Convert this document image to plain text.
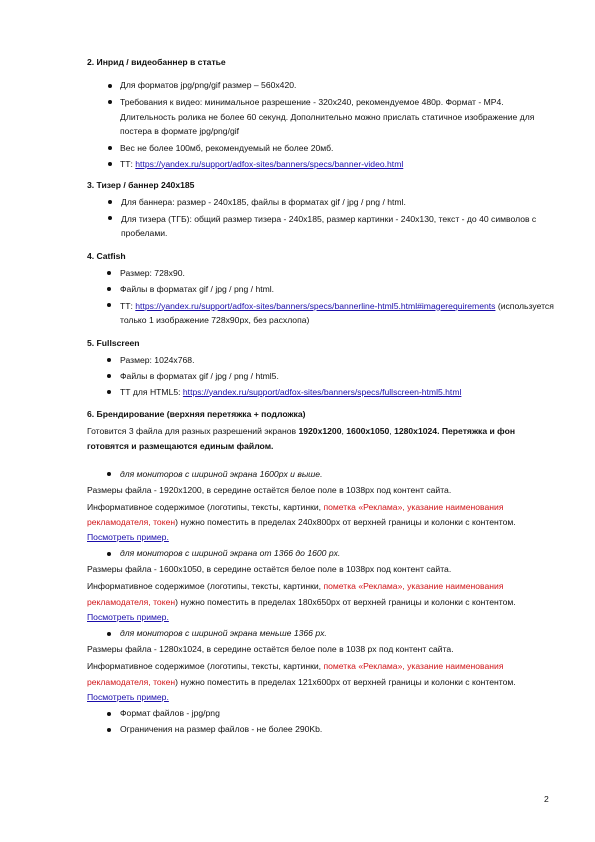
2. Инрид / видеобаннер в статье

Для форматов jpg/png/gif размер – 560x420.
Требования к видео: минимальное разрешение - 320x240, рекомендуемое 480p. Формат - MP4. Длительность ролика не более 60 секунд. Дополнительно можно прислать статичное изображение для постера в формате jpg/png/gif
Вес не более 100мб, рекомендуемый не более 20мб.
ТТ: https://yandex.ru/support/adfox-sites/banners/specs/banner-video.html

3. Тизер / баннер 240x185

Для баннера: размер - 240x185, файлы в форматах gif / jpg / png / html.
Для тизера (ТГБ): общий размер тизера - 240x185, размер картинки - 240x130, текст - до 40 символов с пробелами.

4. Catfish

Размер: 728x90.
Файлы в форматах gif / jpg / png / html.
ТТ: https://yandex.ru/support/adfox-sites/banners/specs/bannerline-html5.html#imagerequirements (используется только 1 изображение 728x90px, без расхлопа)

5. Fullscreen

Размер: 1024x768.
Файлы в форматах gif / jpg / png / html5.
ТТ для HTML5: https://yandex.ru/support/adfox-sites/banners/specs/fullscreen-html5.html

6. Брендирование (верхняя перетяжка + подложка)

Готовится 3 файла для разных разрешений экранов 1920x1200, 1600x1050, 1280x1024. Перетяжка и фон готовятся и размещаются единым файлом.

для мониторов с шириной экрана 1600px и выше.

Размеры файла - 1920x1200, в середине остаётся белое поле в 1038px под контент сайта.

Информативное содержимое (логотипы, тексты, картинки, пометка «Реклама», указание наименования рекламодателя, токен) нужно поместить в пределах 240x800px от верхней границы и колонки с контентом. Посмотреть пример.

для мониторов с шириной экрана от 1366 до 1600 px.

Размеры файла - 1600x1050, в середине остаётся белое поле в 1038px под контент сайта.

Информативное содержимое (логотипы, тексты, картинки, пометка «Реклама», указание наименования рекламодателя, токен) нужно поместить в пределах 180x650px от верхней границы и колонки с контентом. Посмотреть пример.

для мониторов с шириной экрана меньше 1366 px.

Размеры файла - 1280x1024, в середине остаётся белое поле в 1038 px под контент сайта.

Информативное содержимое (логотипы, тексты, картинки, пометка «Реклама», указание наименования рекламодателя, токен) нужно поместить в пределах 121x600px от верхней границы и колонки с контентом. Посмотреть пример.

Формат файлов - jpg/png
Ограничения на размер файлов - не более 290Kb.
2
